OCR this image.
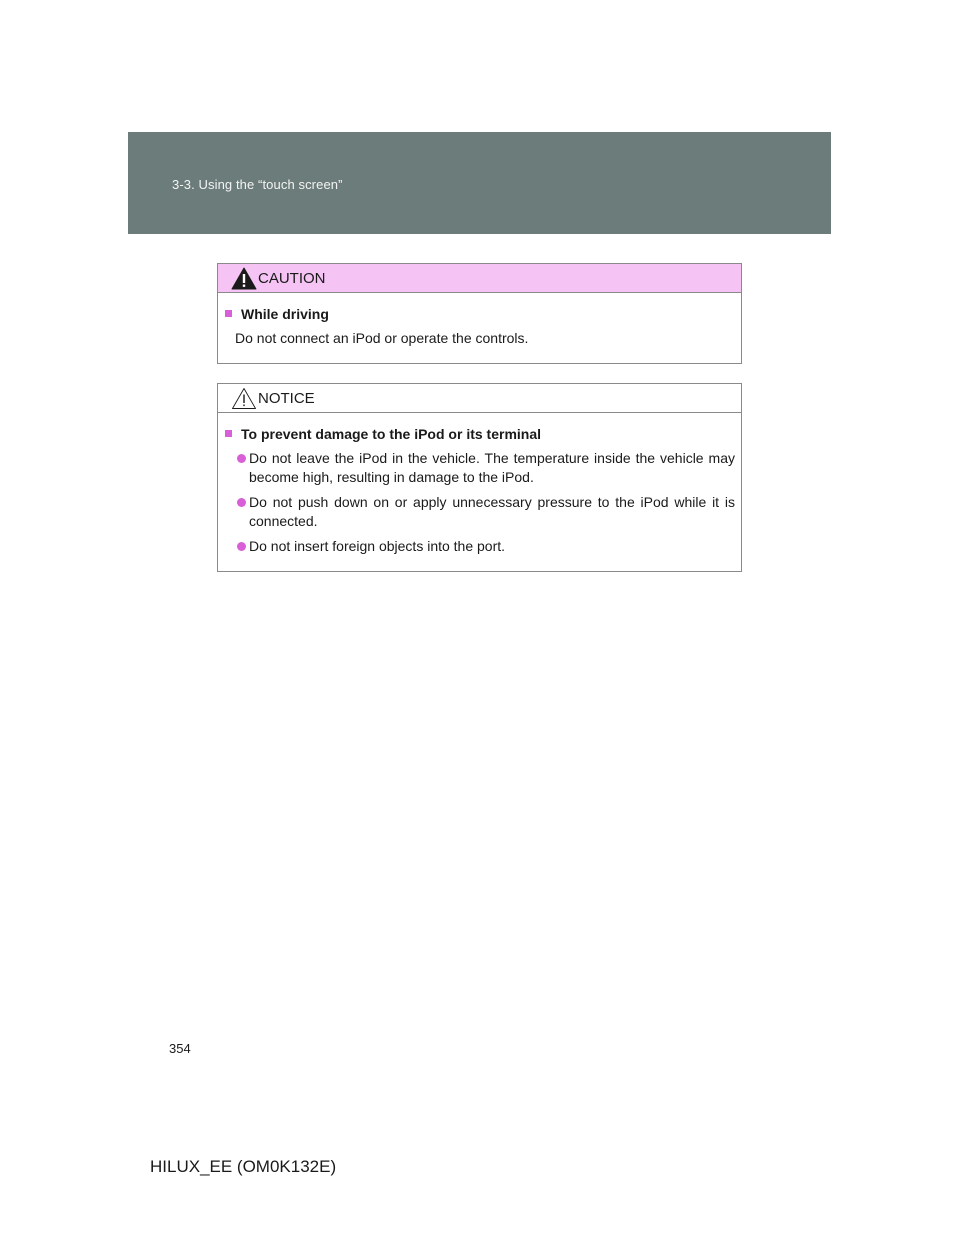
3-3. Using the “touch screen”
CAUTION
While driving
Do not connect an iPod or operate the controls.
NOTICE
To prevent damage to the iPod or its terminal
Do not leave the iPod in the vehicle. The temperature inside the vehicle may become high, resulting in damage to the iPod.
Do not push down on or apply unnecessary pressure to the iPod while it is connected.
Do not insert foreign objects into the port.
354
HILUX_EE (OM0K132E)
